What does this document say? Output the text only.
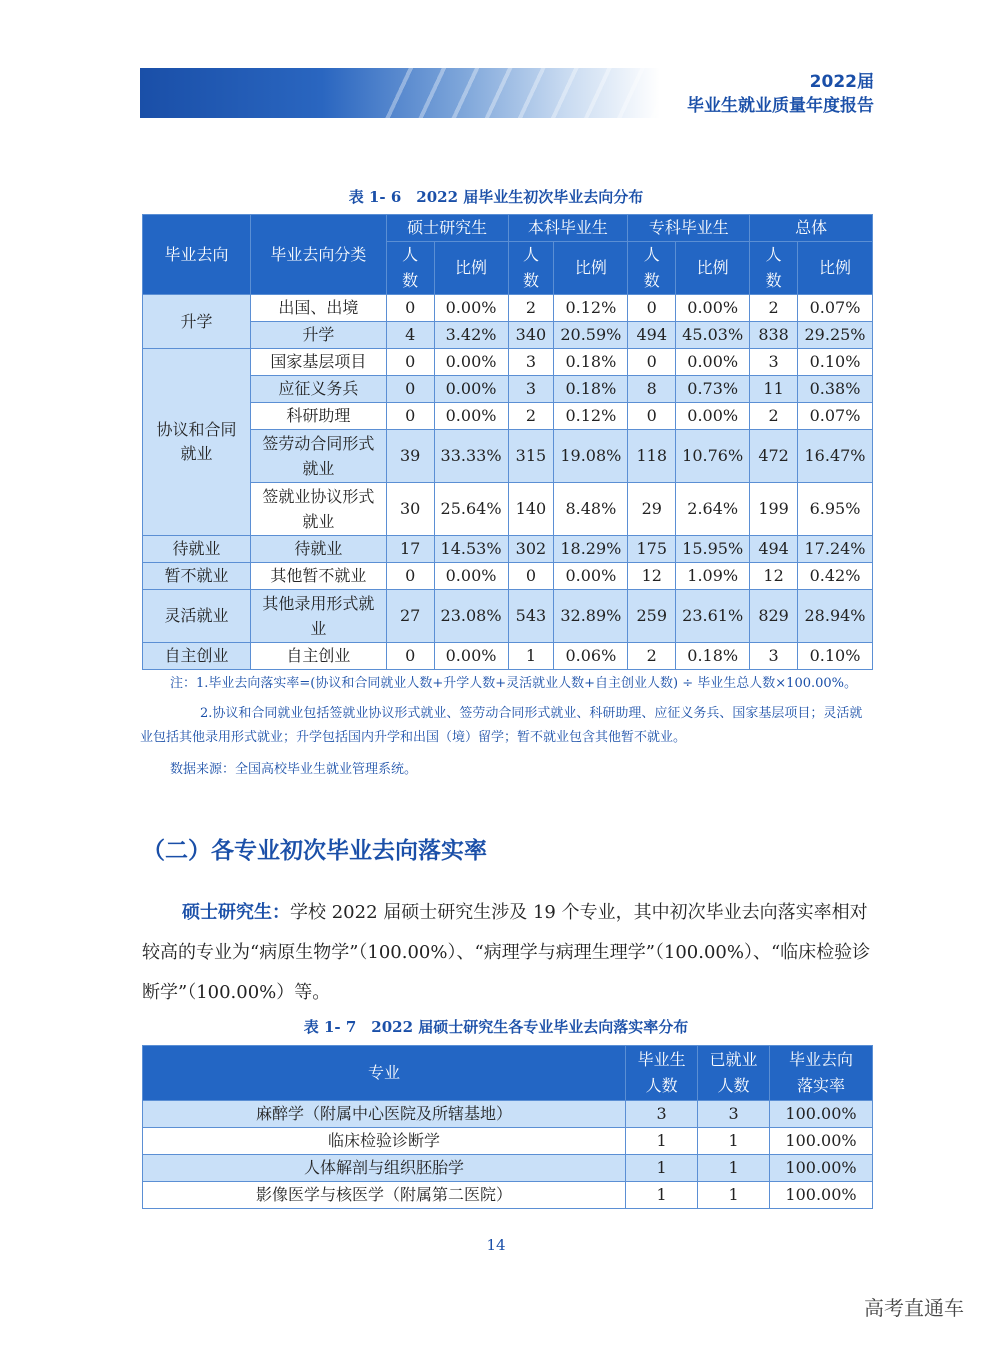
2022届
毕业生就业质量年度报告
表 1- 6　2022 届毕业生初次毕业去向分布
毕业去向	毕业去向分类	硕士研究生		本科毕业生		专科毕业生		总体	
		人数	比例	人数	比例	人数	比例	人数	比例
升学	出国、出境	0	0.00%	2	0.12%	0	0.00%	2	0.07%
	升学	4	3.42%	340	20.59%	494	45.03%	838	29.25%
协议和合同就业	国家基层项目	0	0.00%	3	0.18%	0	0.00%	3	0.10%
	应征义务兵	0	0.00%	3	0.18%	8	0.73%	11	0.38%
	科研助理	0	0.00%	2	0.12%	0	0.00%	2	0.07%
	签劳动合同形式就业	39	33.33%	315	19.08%	118	10.76%	472	16.47%
	签就业协议形式就业	30	25.64%	140	8.48%	29	2.64%	199	6.95%
待就业	待就业	17	14.53%	302	18.29%	175	15.95%	494	17.24%
暂不就业	其他暂不就业	0	0.00%	0	0.00%	12	1.09%	12	0.42%
灵活就业	其他录用形式就业	27	23.08%	543	32.89%	259	23.61%	829	28.94%
自主创业	自主创业	0	0.00%	1	0.06%	2	0.18%	3	0.10%
注：1.毕业去向落实率=(协议和合同就业人数+升学人数+灵活就业人数+自主创业人数) ÷ 毕业生总人数×100.00%。
2.协议和合同就业包括签就业协议形式就业、签劳动合同形式就业、科研助理、应征义务兵、国家基层项目；灵活就业包括其他录用形式就业；升学包括国内升学和出国（境）留学；暂不就业包含其他暂不就业。
数据来源：全国高校毕业生就业管理系统。
（二）各专业初次毕业去向落实率
硕士研究生：学校 2022 届硕士研究生涉及 19 个专业，其中初次毕业去向落实率相对较高的专业为“病原生物学”（100.00%）、“病理学与病理生理学”（100.00%）、“临床检验诊断学”（100.00%）等。
表 1- 7　2022 届硕士研究生各专业毕业去向落实率分布
专业	毕业生人数	已就业人数	毕业去向落实率
麻醉学（附属中心医院及所辖基地）	3	3	100.00%
临床检验诊断学	1	1	100.00%
人体解剖与组织胚胎学	1	1	100.00%
影像医学与核医学（附属第二医院）	1	1	100.00%
14
高考直通车
